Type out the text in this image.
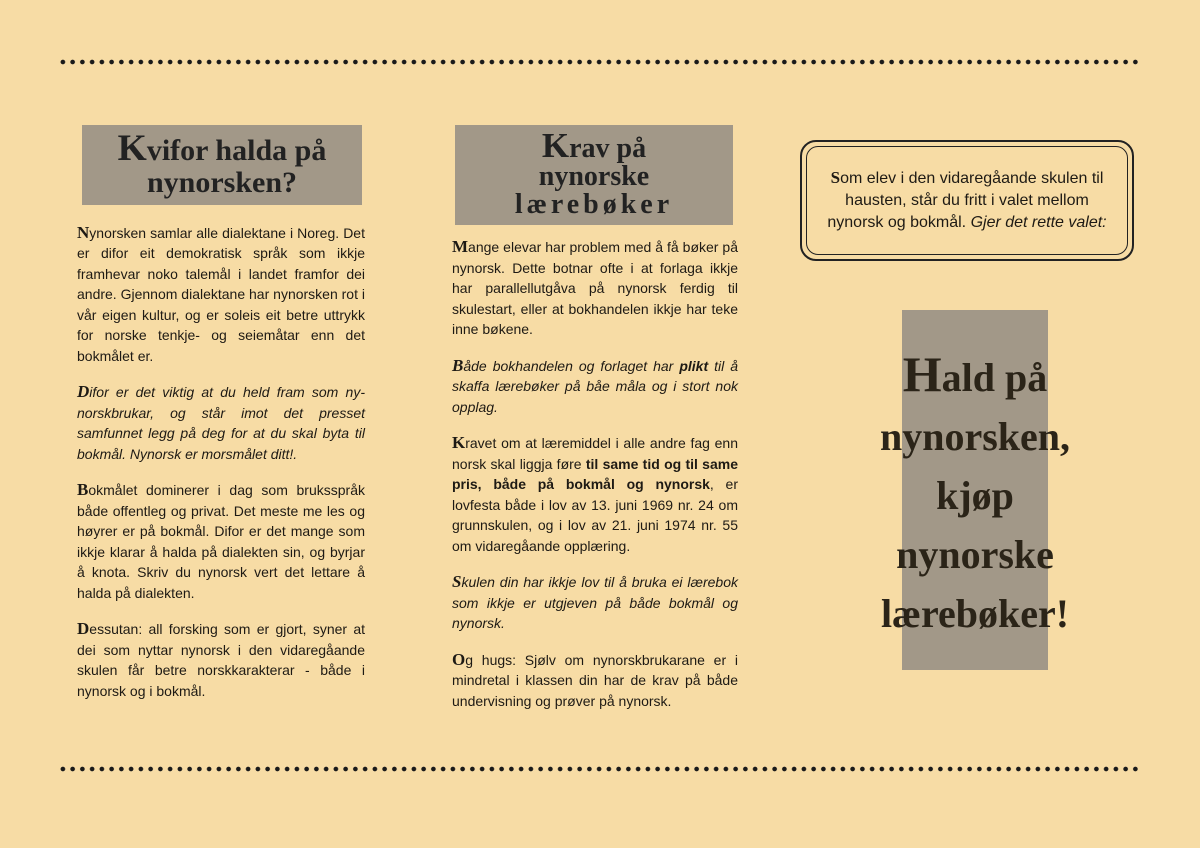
Kvifor halda på
nynorsken?

Nynorsken samlar alle dialektane i Noreg. Det er difor eit demokratisk språk som ikkje framhevar noko talemål i landet framfor dei andre. Gjennom dialektane har nynorsken rot i vår eigen kultur, og er soleis eit betre uttrykk for norske tenkje- og seiemåtar enn det bokmålet er.

Difor er det viktig at du held fram som ny-norskbrukar, og står imot det presset samfunnet legg på deg for at du skal byta til bokmål. Nynorsk er morsmålet ditt!.

Bokmålet dominerer i dag som bruksspråk både offentleg og privat. Det meste me les og høyrer er på bokmål. Difor er det mange som ikkje klarar å halda på dialekten sin, og byrjar å knota. Skriv du nynorsk vert det lettare å halda på dialekten.

Dessutan: all forsking som er gjort, syner at dei som nyttar nynorsk i den vidaregåande skulen får betre norskkarakterar - både i nynorsk og i bokmål.

Krav på
nynorske
lærebøker

Mange elevar har problem med å få bøker på nynorsk. Dette botnar ofte i at forlaga ikkje har parallellutgåva på nynorsk ferdig til skulestart, eller at bokhandelen ikkje har teke inne bøkene.

Både bokhandelen og forlaget har plikt til å skaffa lærebøker på båe måla og i stort nok opplag.

Kravet om at læremiddel i alle andre fag enn norsk skal liggja føre til same tid og til same pris, både på bokmål og nynorsk, er lovfesta både i lov av 13. juni 1969 nr. 24 om grunnskulen, og i lov av 21. juni 1974 nr. 55 om vidaregåande opplæring.

Skulen din har ikkje lov til å bruka ei lærebok som ikkje er utgjeven på både bokmål og nynorsk.

Og hugs: Sjølv om nynorskbrukarane er i mindretal i klassen din har de krav på både undervisning og prøver på nynorsk.

Som elev i den vidaregåande skulen til hausten, står du fritt i valet mellom nynorsk og bokmål. Gjer det rette valet:
Hald på
nynorsken,
kjøp
nynorske
lærebøker!
